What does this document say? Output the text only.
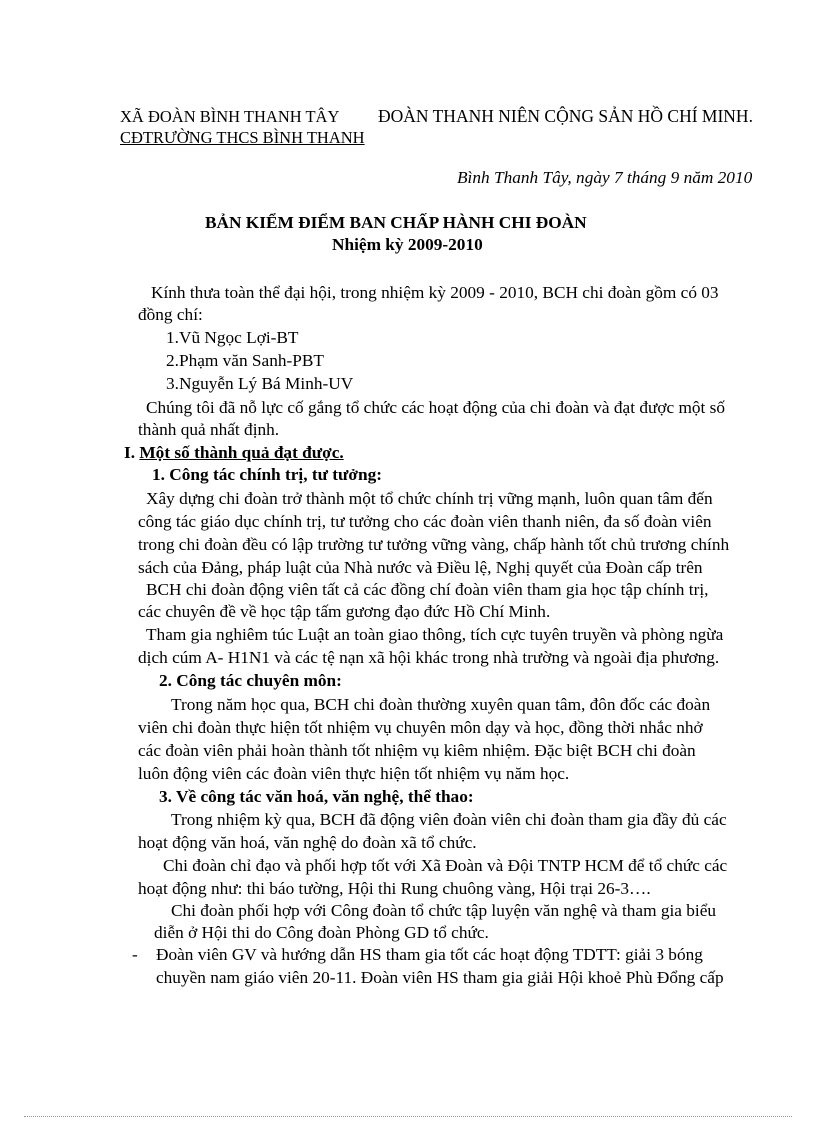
XÃ ĐOÀN BÌNH THANH TÂY
CĐTRƯỜNG THCS BÌNH THANH
ĐOÀN THANH NIÊN CỘNG SẢN HỒ CHÍ MINH.
Bình Thanh Tây, ngày 7 tháng 9 năm 2010
BẢN KIỂM ĐIỂM BAN CHẤP HÀNH CHI ĐOÀN
Nhiệm kỳ 2009-2010
Kính thưa toàn thể đại hội, trong nhiệm kỳ 2009 - 2010, BCH chi đoàn gồm có 03
đồng chí:
1.Vũ Ngọc Lợi-BT
2.Phạm văn Sanh-PBT
3.Nguyễn Lý Bá Minh-UV
Chúng tôi đã nỗ lực cố gắng tổ chức các hoạt động của chi đoàn và đạt được một số
thành quả nhất định.
I. Một số thành quả đạt được.
1. Công tác chính trị, tư tưởng:
Xây dựng chi đoàn trở thành một tổ chức chính trị vững mạnh, luôn quan tâm đến
công tác giáo dục chính trị, tư tưởng cho các đoàn viên thanh niên, đa số đoàn viên
trong chi đoàn đều có lập trường tư tưởng vững vàng, chấp hành tốt chủ trương chính
sách của Đảng, pháp luật của Nhà nước và Điều lệ, Nghị quyết của Đoàn cấp trên
BCH chi đoàn động viên tất cả các đồng chí đoàn viên tham gia học tập chính trị,
các chuyên đề về học tập tấm gương đạo đức Hồ Chí Minh.
Tham gia nghiêm túc Luật an toàn giao thông, tích cực tuyên truyền và phòng ngừa
dịch cúm A- H1N1 và các tệ nạn xã hội khác trong nhà trường và ngoài địa phương.
2. Công tác chuyên môn:
Trong năm học qua, BCH chi đoàn thường xuyên quan tâm, đôn đốc các đoàn
viên chi đoàn thực hiện tốt nhiệm vụ chuyên môn dạy và học, đồng thời nhắc nhở
các đoàn viên phải hoàn thành tốt nhiệm vụ kiêm nhiệm. Đặc biệt BCH chi đoàn
luôn động viên các đoàn viên thực hiện tốt nhiệm vụ năm học.
3. Về công tác văn hoá, văn nghệ, thể thao:
Trong nhiệm kỳ qua, BCH đã động viên đoàn viên chi đoàn tham gia đầy đủ các
hoạt động văn hoá, văn nghệ do đoàn xã tổ chức.
Chi đoàn chỉ đạo và phối hợp tốt với Xã Đoàn và Đội TNTP HCM để tổ chức các
hoạt động như: thi báo tường, Hội thi Rung chuông vàng, Hội trại 26-3….
Chi đoàn phối hợp với Công đoàn tổ chức tập luyện văn nghệ và tham gia biểu
diễn ở Hội thi do Công đoàn Phòng GD tổ chức.
- Đoàn viên GV và hướng dẫn HS tham gia tốt các hoạt động TDTT: giải 3 bóng
chuyền nam giáo viên 20-11. Đoàn viên HS tham gia giải Hội khoẻ Phù Đổng cấp
